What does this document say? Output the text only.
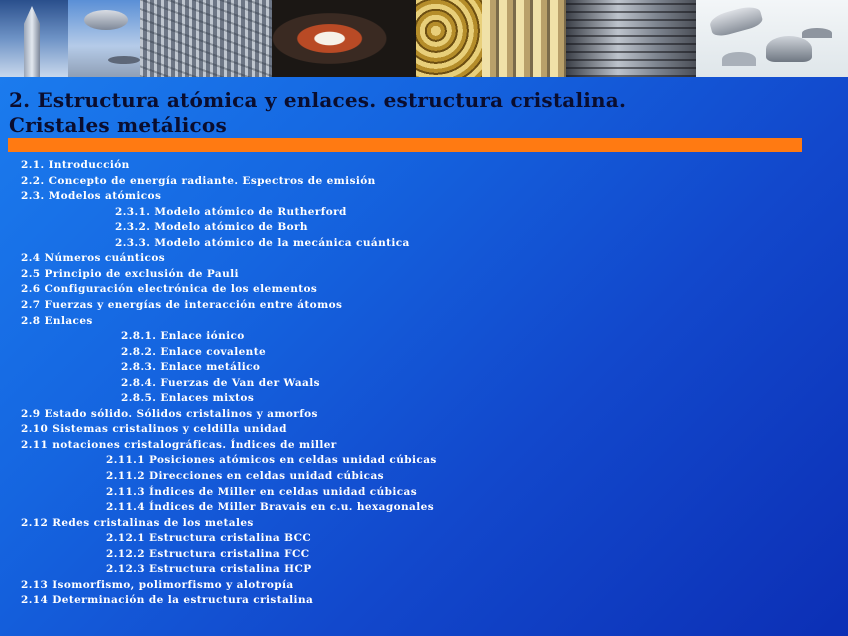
2. Estructura atómica y enlaces. estructura cristalina.
Cristales metálicos
2.1. Introducción
2.2. Concepto de energía radiante. Espectros de emisión
2.3. Modelos atómicos
2.3.1. Modelo atómico de Rutherford
2.3.2. Modelo atómico de Borh
2.3.3. Modelo atómico de la mecánica cuántica
2.4 Números cuánticos
2.5 Principio de exclusión de Pauli
2.6 Configuración electrónica de los elementos
2.7 Fuerzas y energías de interacción entre átomos
2.8 Enlaces
2.8.1. Enlace iónico
2.8.2. Enlace covalente
2.8.3. Enlace metálico
2.8.4. Fuerzas de Van der Waals
2.8.5. Enlaces mixtos
2.9 Estado sólido. Sólidos cristalinos y amorfos
2.10 Sistemas cristalinos y celdilla unidad
2.11 notaciones cristalográficas. Índices de miller
2.11.1 Posiciones atómicos en celdas unidad cúbicas
2.11.2 Direcciones en celdas unidad cúbicas
2.11.3 Índices de Miller en celdas unidad cúbicas
2.11.4 Índices de Miller Bravais en c.u. hexagonales
2.12 Redes cristalinas de los metales
2.12.1 Estructura cristalina BCC
2.12.2 Estructura cristalina FCC
2.12.3 Estructura cristalina HCP
2.13 Isomorfismo, polimorfismo y alotropía
2.14 Determinación de la estructura cristalina
